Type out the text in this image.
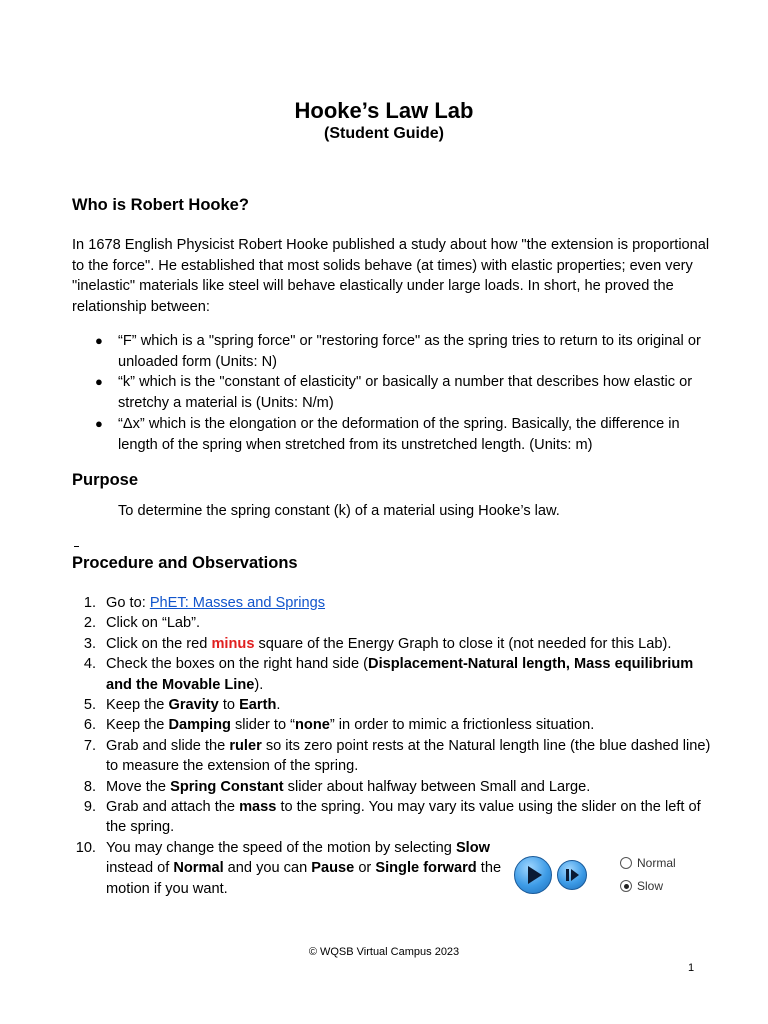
Hooke’s Law Lab
(Student Guide)
Who is Robert Hooke?
In 1678 English Physicist Robert Hooke published a study about how "the extension is proportional to the force". He established that most solids behave (at times) with elastic properties; even very "inelastic" materials like steel will behave elastically under large loads. In short, he proved the relationship between:
● “F” which is a "spring force" or "restoring force" as the spring tries to return to its original or unloaded form (Units: N)
● “k” which is the "constant of elasticity" or basically a number that describes how elastic or stretchy a material is (Units: N/m)
● “Δx” which is the elongation or the deformation of the spring. Basically, the difference in length of the spring when stretched from its unstretched length. (Units: m)
Purpose
To determine the spring constant (k) of a material using Hooke’s law.
Procedure and Observations
1. Go to: PhET: Masses and Springs
2. Click on “Lab”.
3. Click on the red minus square of the Energy Graph to close it (not needed for this Lab).
4. Check the boxes on the right hand side (Displacement-Natural length, Mass equilibrium and the Movable Line).
5. Keep the Gravity to Earth.
6. Keep the Damping slider to “none” in order to mimic a frictionless situation.
7. Grab and slide the ruler so its zero point rests at the Natural length line (the blue dashed line) to measure the extension of the spring.
8. Move the Spring Constant slider about halfway between Small and Large.
9. Grab and attach the mass to the spring. You may vary its value using the slider on the left of the spring.
10. You may change the speed of the motion by selecting Slow instead of Normal and you can Pause or Single forward the motion if you want.
Normal
Slow
© WQSB Virtual Campus 2023
1
